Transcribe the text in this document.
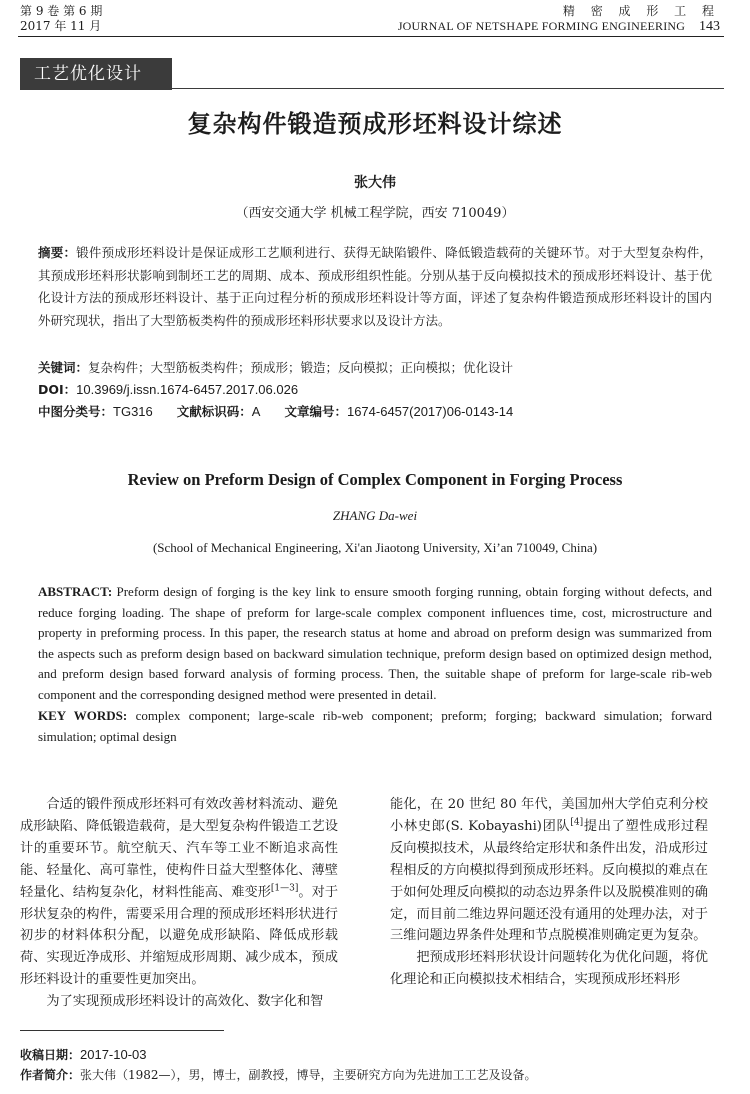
第 9 卷 第 6 期
2017 年 11 月
精 密 成 形 工 程
JOURNAL OF NETSHAPE FORMING ENGINEERING 143
工艺优化设计
复杂构件锻造预成形坯料设计综述
张大伟
（西安交通大学 机械工程学院，西安 710049）
摘要：锻件预成形坯料设计是保证成形工艺顺利进行、获得无缺陷锻件、降低锻造载荷的关键环节。对于大型复杂构件，其预成形坯料形状影响到制坯工艺的周期、成本、预成形组织性能。分别从基于反向模拟技术的预成形坯料设计、基于优化设计方法的预成形坯料设计、基于正向过程分析的预成形坯料设计等方面，评述了复杂构件锻造预成形坯料设计的国内外研究现状，指出了大型筋板类构件的预成形坯料形状要求以及设计方法。
关键词：复杂构件；大型筋板类构件；预成形；锻造；反向模拟；正向模拟；优化设计
DOI：10.3969/j.issn.1674-6457.2017.06.026
中图分类号：TG316 文献标识码：A 文章编号：1674-6457(2017)06-0143-14
Review on Preform Design of Complex Component in Forging Process
ZHANG Da-wei
(School of Mechanical Engineering, Xi'an Jiaotong University, Xi’an 710049, China)
ABSTRACT: Preform design of forging is the key link to ensure smooth forging running, obtain forging without defects, and reduce forging loading. The shape of preform for large-scale complex component influences time, cost, microstructure and property in preforming process. In this paper, the research status at home and abroad on preform design was summarized from the aspects such as preform design based on backward simulation technique, preform design based on optimized design method, and preform design based forward analysis of forming process. Then, the suitable shape of preform for large-scale rib-web component and the corresponding designed method were presented in detail.
KEY WORDS: complex component; large-scale rib-web component; preform; forging; backward simulation; forward simulation; optimal design

合适的锻件预成形坯料可有效改善材料流动、避免成形缺陷、降低锻造载荷，是大型复杂构件锻造工艺设计的重要环节。航空航天、汽车等工业不断追求高性能、轻量化、高可靠性，使构件日益大型整体化、薄壁轻量化、结构复杂化，材料性能高、难变形[1—3]。对于形状复杂的构件，需要采用合理的预成形坯料形状进行初步的材料体积分配，以避免成形缺陷、降低成形载荷、实现近净成形、并缩短成形周期、减少成本，预成形坯料设计的重要性更加突出。

为了实现预成形坯料设计的高效化、数字化和智

能化，在 20 世纪 80 年代，美国加州大学伯克利分校小林史郎(S. Kobayashi)团队[4]提出了塑性成形过程反向模拟技术，从最终给定形状和条件出发，沿成形过程相反的方向模拟得到预成形坯料。反向模拟的难点在于如何处理反向模拟的动态边界条件以及脱模准则的确定，而目前二维边界问题还没有通用的处理办法，对于三维问题边界条件处理和节点脱模准则确定更为复杂。

把预成形坯料形状设计问题转化为优化问题，将优化理论和正向模拟技术相结合，实现预成形坯料形

收稿日期：2017-10-03
作者简介：张大伟（1982—），男，博士，副教授，博导，主要研究方向为先进加工工艺及设备。
